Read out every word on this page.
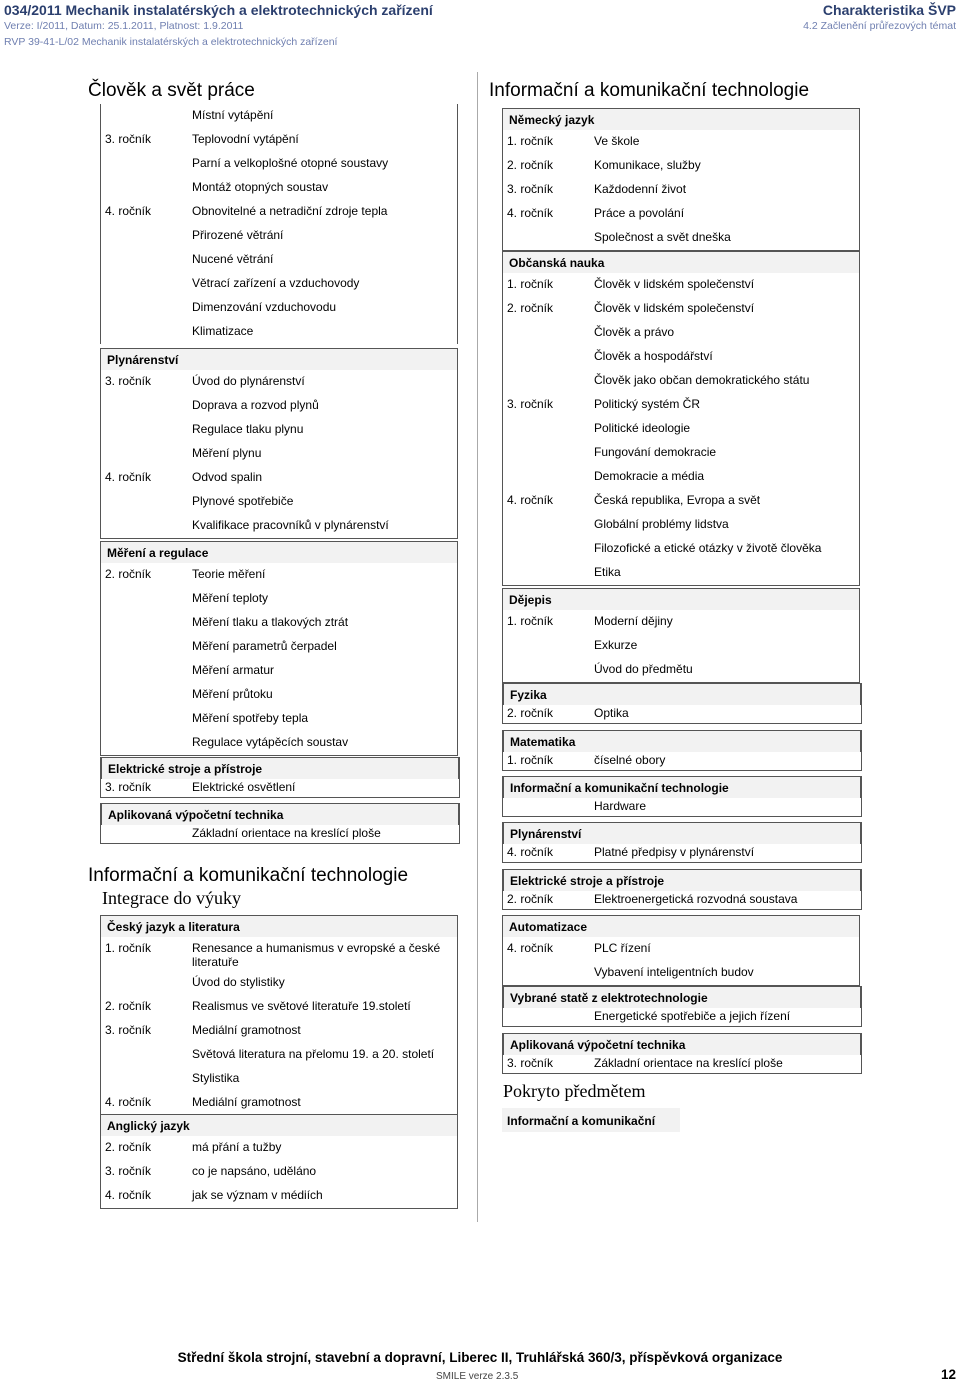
034/2011 Mechanik instalatérských a elektrotechnických zařízení
Verze: I/2011, Datum: 25.1.2011, Platnost: 1.9.2011
RVP 39-41-L/02 Mechanik instalatérských a elektrotechnických zařízení
Charakteristika ŠVP
4.2 Začlenění průřezových témat
Člověk a svět práce
Místní vytápění
3. ročník	Teplovodní vytápění
Parní a velkoplošné otopné soustavy
Montáž otopných soustav
4. ročník	Obnovitelné a netradiční zdroje tepla
Přirozené větrání
Nucené větrání
Větrací zařízení a vzduchovody
Dimenzování vzduchovodu
Klimatizace
Plynárenství
3. ročník	Úvod do plynárenství
Doprava a rozvod plynů
Regulace tlaku plynu
Měření plynu
4. ročník	Odvod spalin
Plynové spotřebiče
Kvalifikace pracovníků v plynárenství
Měření a regulace
2. ročník	Teorie měření
Měření teploty
Měření tlaku a tlakových ztrát
Měření parametrů čerpadel
Měření armatur
Měření průtoku
Měření spotřeby tepla
Regulace vytápěcích soustav
Elektrické stroje a přístroje
3. ročník	Elektrické osvětlení
Aplikovaná výpočetní technika
Základní orientace na kreslící ploše
Informační a komunikační technologie
Integrace do výuky
Český jazyk a literatura
1. ročník	Renesance a humanismus v evropské a české literatuře
Úvod do stylistiky
2. ročník	Realismus ve světové literatuře 19.století
3. ročník	Mediální gramotnost
Světová literatura na přelomu 19. a 20. století
Stylistika
4. ročník	Mediální gramotnost
Anglický jazyk
2. ročník	má přání a tužby
3. ročník	co je napsáno, uděláno
4. ročník	jak se význam v médiích
Informační a komunikační technologie
Německý jazyk
1. ročník	Ve škole
2. ročník	Komunikace, služby
3. ročník	Každodenní život
4. ročník	Práce a povolání
Společnost a svět dneška
Občanská nauka
1. ročník	Člověk v lidském společenství
2. ročník	Člověk v lidském společenství
Člověk a právo
Člověk a hospodářství
Člověk jako občan demokratického státu
3. ročník	Politický systém ČR
Politické ideologie
Fungování demokracie
Demokracie a média
4. ročník	Česká republika, Evropa a svět
Globální problémy lidstva
Filozofické a etické otázky v životě člověka
Etika
Dějepis
1. ročník	Moderní dějiny
Exkurze
Úvod do předmětu
Fyzika
2. ročník	Optika
Matematika
1. ročník	číselné obory
Informační a komunikační technologie
Hardware
Plynárenství
4. ročník	Platné předpisy v plynárenství
Elektrické stroje a přístroje
2. ročník	Elektroenergetická rozvodná soustava
Automatizace
4. ročník	PLC řízení
Vybavení inteligentních budov
Vybrané statě z elektrotechnologie
Energetické spotřebiče a jejich řízení
Aplikovaná výpočetní technika
3. ročník	Základní orientace na kreslící ploše
Pokryto předmětem
Informační a komunikační
Střední škola strojní, stavební a dopravní, Liberec II, Truhlářská 360/3, příspěvková organizace
SMILE verze 2.3.5	12
